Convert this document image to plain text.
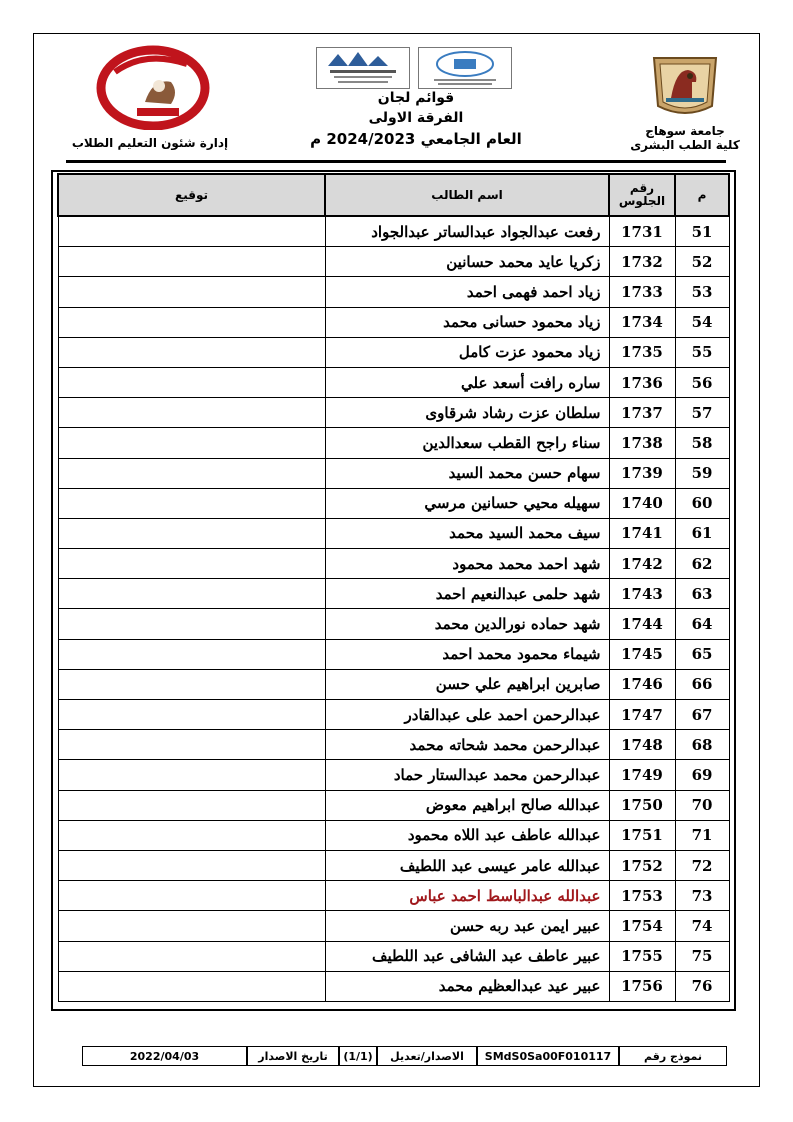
جامعة سوهاج
كلية الطب البشرى
إدارة شئون التعليم الطلاب
قوائم لجان
الفرقة الاولى
العام الجامعي 2024/2023 م
م	رقم الجلوس	اسم الطالب	توقيع
51	1731	رفعت عبدالجواد عبدالساتر عبدالجواد	
52	1732	زكريا عايد محمد حسانين	
53	1733	زياد احمد فهمى احمد	
54	1734	زياد محمود حسانى محمد	
55	1735	زياد محمود عزت كامل	
56	1736	ساره رافت أسعد علي	
57	1737	سلطان عزت رشاد شرقاوى	
58	1738	سناء راجح القطب سعدالدين	
59	1739	سهام حسن محمد السيد	
60	1740	سهيله محيي حسانين مرسي	
61	1741	سيف محمد السيد محمد	
62	1742	شهد احمد محمد محمود	
63	1743	شهد حلمى عبدالنعيم احمد	
64	1744	شهد حماده نورالدين محمد	
65	1745	شيماء محمود محمد احمد	
66	1746	صابرين ابراهيم علي حسن	
67	1747	عبدالرحمن احمد على عبدالقادر	
68	1748	عبدالرحمن محمد شحاته محمد	
69	1749	عبدالرحمن محمد عبدالستار حماد	
70	1750	عبدالله صالح ابراهيم معوض	
71	1751	عبدالله عاطف عبد اللاه محمود	
72	1752	عبدالله عامر عيسى عبد اللطيف	
73	1753	عبدالله عبدالباسط احمد عباس	
74	1754	عبير ايمن عبد ربه حسن	
75	1755	عبير عاطف عبد الشافى عبد اللطيف	
76	1756	عبير عيد عبدالعظيم محمد	
نموذج رقم
SMdS0Sa00F010117
الاصدار/تعديل
(1/1)
تاريخ الاصدار
2022/04/03
